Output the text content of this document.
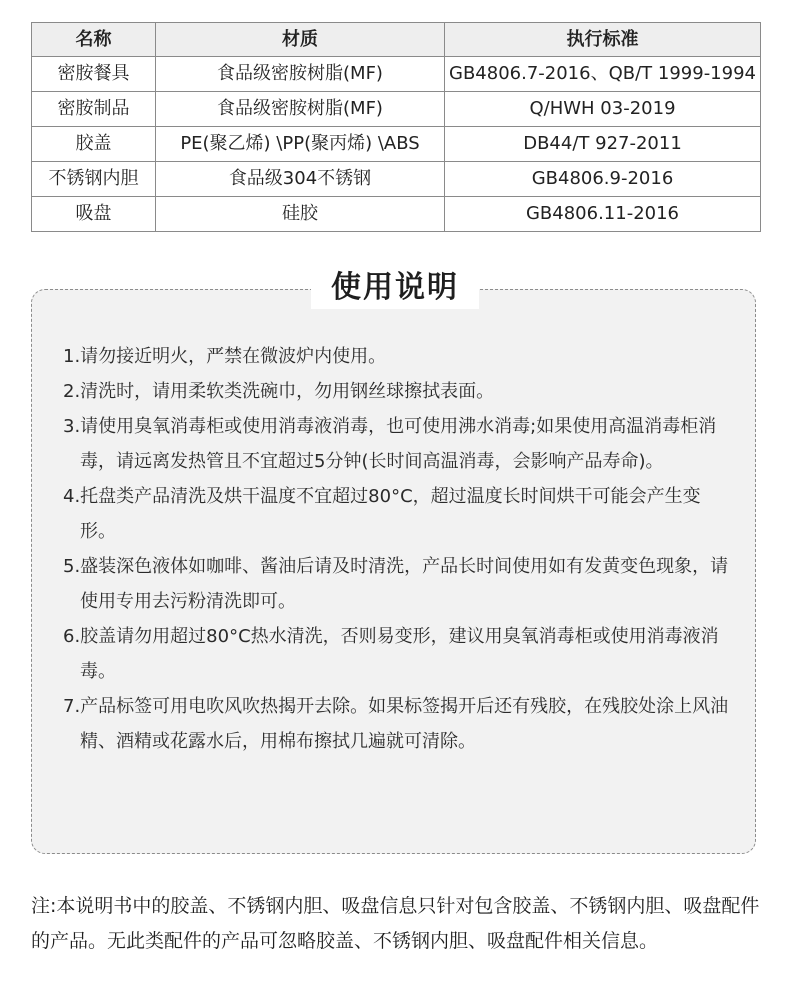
名称	材质	执行标准
密胺餐具	食品级密胺树脂(MF)	GB4806.7-2016、QB/T 1999-1994
密胺制品	食品级密胺树脂(MF)	Q/HWH 03-2019
胶盖	PE(聚乙烯) \PP(聚丙烯) \ABS	DB44/T 927-2011
不锈钢内胆	食品级304不锈钢	GB4806.9-2016
吸盘	硅胶	GB4806.11-2016
使用说明
1.请勿接近明火，严禁在微波炉内使用。
2.清洗时，请用柔软类洗碗巾，勿用钢丝球擦拭表面。
3.请使用臭氧消毒柜或使用消毒液消毒，也可使用沸水消毒;如果使用高温消毒柜消毒，请远离发热管且不宜超过5分钟(长时间高温消毒，会影响产品寿命)。
4.托盘类产品清洗及烘干温度不宜超过80°C，超过温度长时间烘干可能会产生变形。
5.盛装深色液体如咖啡、酱油后请及时清洗，产品长时间使用如有发黄变色现象，请使用专用去污粉清洗即可。
6.胶盖请勿用超过80°C热水清洗，否则易变形，建议用臭氧消毒柜或使用消毒液消毒。
7.产品标签可用电吹风吹热揭开去除。如果标签揭开后还有残胶，在残胶处涂上风油精、酒精或花露水后，用棉布擦拭几遍就可清除。
注:本说明书中的胶盖、不锈钢内胆、吸盘信息只针对包含胶盖、不锈钢内胆、吸盘配件的产品。无此类配件的产品可忽略胶盖、不锈钢内胆、吸盘配件相关信息。
